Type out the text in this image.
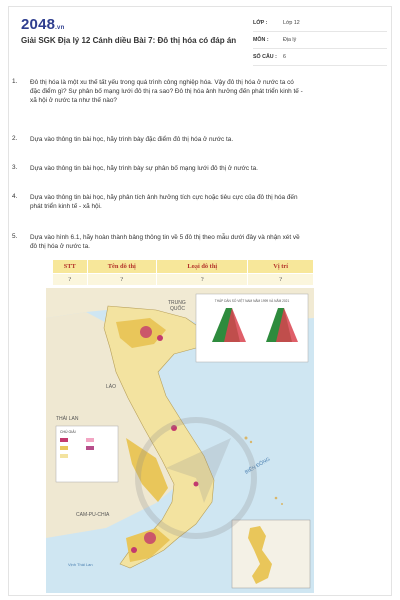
2048.vn
Giải SGK Địa lý 12 Cánh diều Bài 7: Đô thị hóa có đáp án
LỚP :	Lớp 12
MÔN :	Địa lý
SỐ CÂU :	6
1.	Đô thị hóa là một xu thế tất yếu trong quá trình công nghiệp hóa. Vậy đô thị hóa ở nước ta có
đặc điểm gì? Sự phân bố mạng lưới đô thị ra sao? Đô thị hóa ảnh hưởng đến phát triển kinh tế -
xã hội ở nước ta như thế nào?
2.	Dựa vào thông tin bài học, hãy trình bày đặc điểm đô thị hóa ở nước ta.
3.	Dựa vào thông tin bài học, hãy trình bày sự phân bố mạng lưới đô thị ở nước ta.
4.	Dựa vào thông tin bài học, hãy phân tích ảnh hưởng tích cực hoặc tiêu cực của đô thị hóa đến
phát triển kinh tế - xã hội.
5.	Dựa vào hình 6.1, hãy hoàn thành bảng thông tin về 5 đô thị theo mẫu dưới đây và nhận xét về
đô thị hóa ở nước ta.
STT	Tên đô thị	Loại đô thị	Vị trí
?	?	?	?
THÁP DÂN SỐ VIỆT NAM NĂM 1999 VÀ NĂM 2021
CHÚ GIẢI
TRUNG QUỐC
LÀO
THÁI LAN
CAM-PU-CHIA
BIỂN ĐÔNG
Vịnh Thái Lan
